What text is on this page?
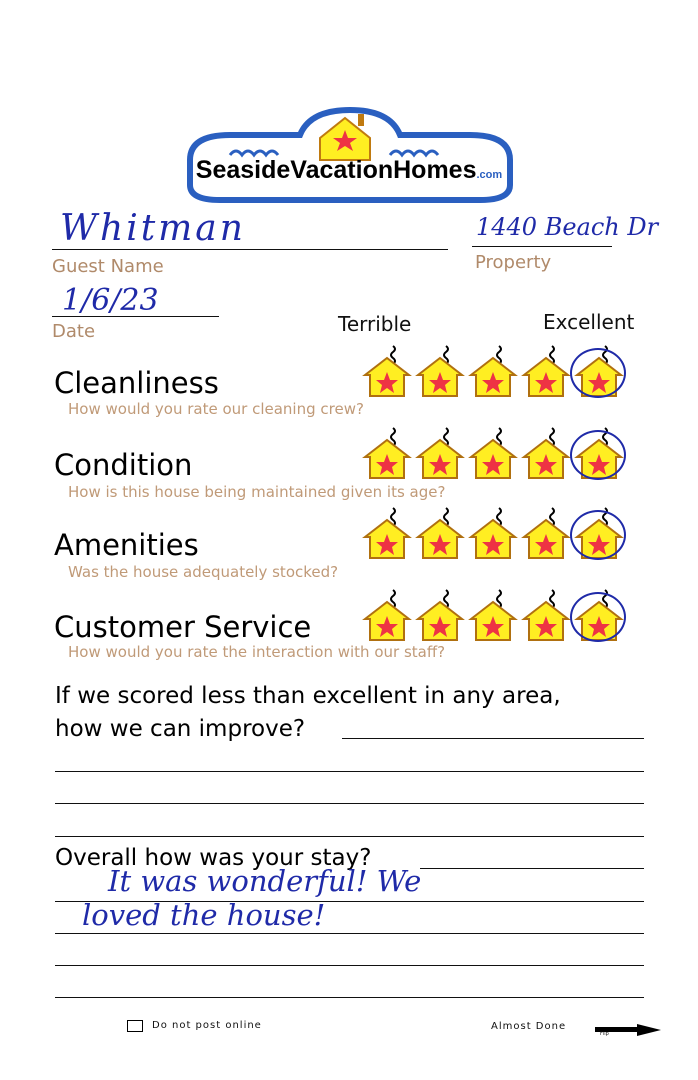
SeasideVacationHomes.com
Whitman
Guest Name
1440 Beach Dr
Property
1/6/23
Date	Terrible	Excellent
Cleanliness
How would you rate our cleaning crew?
Condition
How is this house being maintained given its age?
Amenities
Was the house adequately stocked?
Customer Service
How would you rate the interaction with our staff?
If we scored less than excellent in any area,
how we can improve?
Overall how was your stay?
It was wonderful! We
loved the house!
Do not post online	Almost Done
Flip
